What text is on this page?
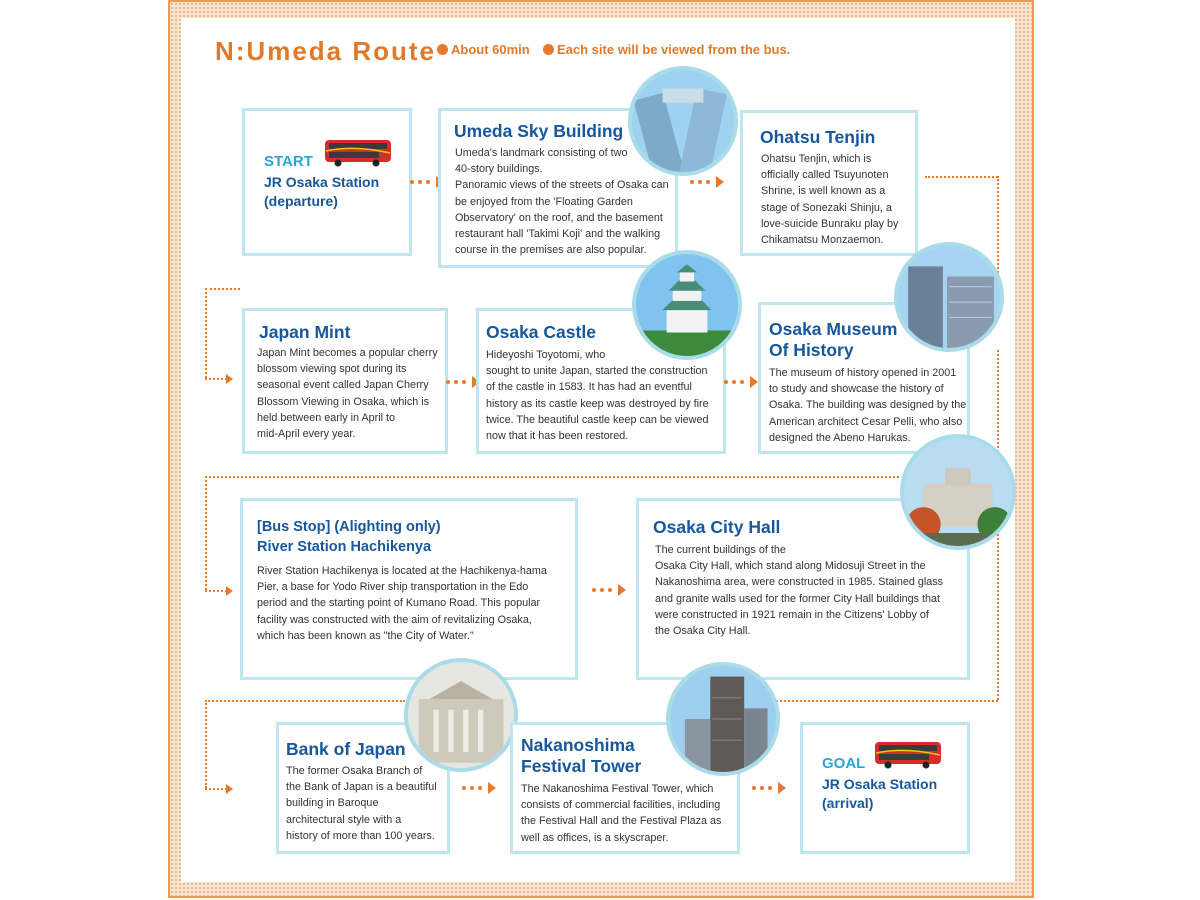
N:Umeda Route	About 60min	Each site will be viewed from the bus.
START
JR Osaka Station
(departure)
Umeda Sky Building

Umeda's landmark consisting of two
40-story buildings.
Panoramic views of the streets of Osaka can
be enjoyed from the 'Floating Garden
Observatory' on the roof, and the basement
restaurant hall 'Takimi Koji' and the walking
course in the premises are also popular.

Ohatsu Tenjin

Ohatsu Tenjin, which is
officially called Tsuyunoten
Shrine, is well known as a
stage of Sonezaki Shinju, a
love-suicide Bunraku play by
Chikamatsu Monzaemon.

Japan Mint

Japan Mint becomes a popular cherry
blossom viewing spot during its
seasonal event called Japan Cherry
Blossom Viewing in Osaka, which is
held between early in April to
mid-April every year.

Osaka Castle

Hideyoshi Toyotomi, who
sought to unite Japan, started the construction
of the castle in 1583. It has had an eventful
history as its castle keep was destroyed by fire
twice. The beautiful castle keep can be viewed
now that it has been restored.

Osaka Museum
Of History

The museum of history opened in 2001
to study and showcase the history of
Osaka. The building was designed by the
American architect Cesar Pelli, who also
designed the Abeno Harukas.

[Bus Stop] (Alighting only)
River Station Hachikenya

River Station Hachikenya is located at the Hachikenya-hama
Pier, a base for Yodo River ship transportation in the Edo
period and the starting point of Kumano Road. This popular
facility was constructed with the aim of revitalizing Osaka,
which has been known as "the City of Water."

Osaka City Hall

The current buildings of the
Osaka City Hall, which stand along Midosuji Street in the
Nakanoshima area, were constructed in 1985. Stained glass
and granite walls used for the former City Hall buildings that
were constructed in 1921 remain in the Citizens' Lobby of
the Osaka City Hall.

Bank of Japan

The former Osaka Branch of
the Bank of Japan is a beautiful
building in Baroque
architectural style with a
history of more than 100 years.

Nakanoshima
Festival Tower

The Nakanoshima Festival Tower, which
consists of commercial facilities, including
the Festival Hall and the Festival Plaza as
well as offices, is a skyscraper.

GOAL
JR Osaka Station
(arrival)
